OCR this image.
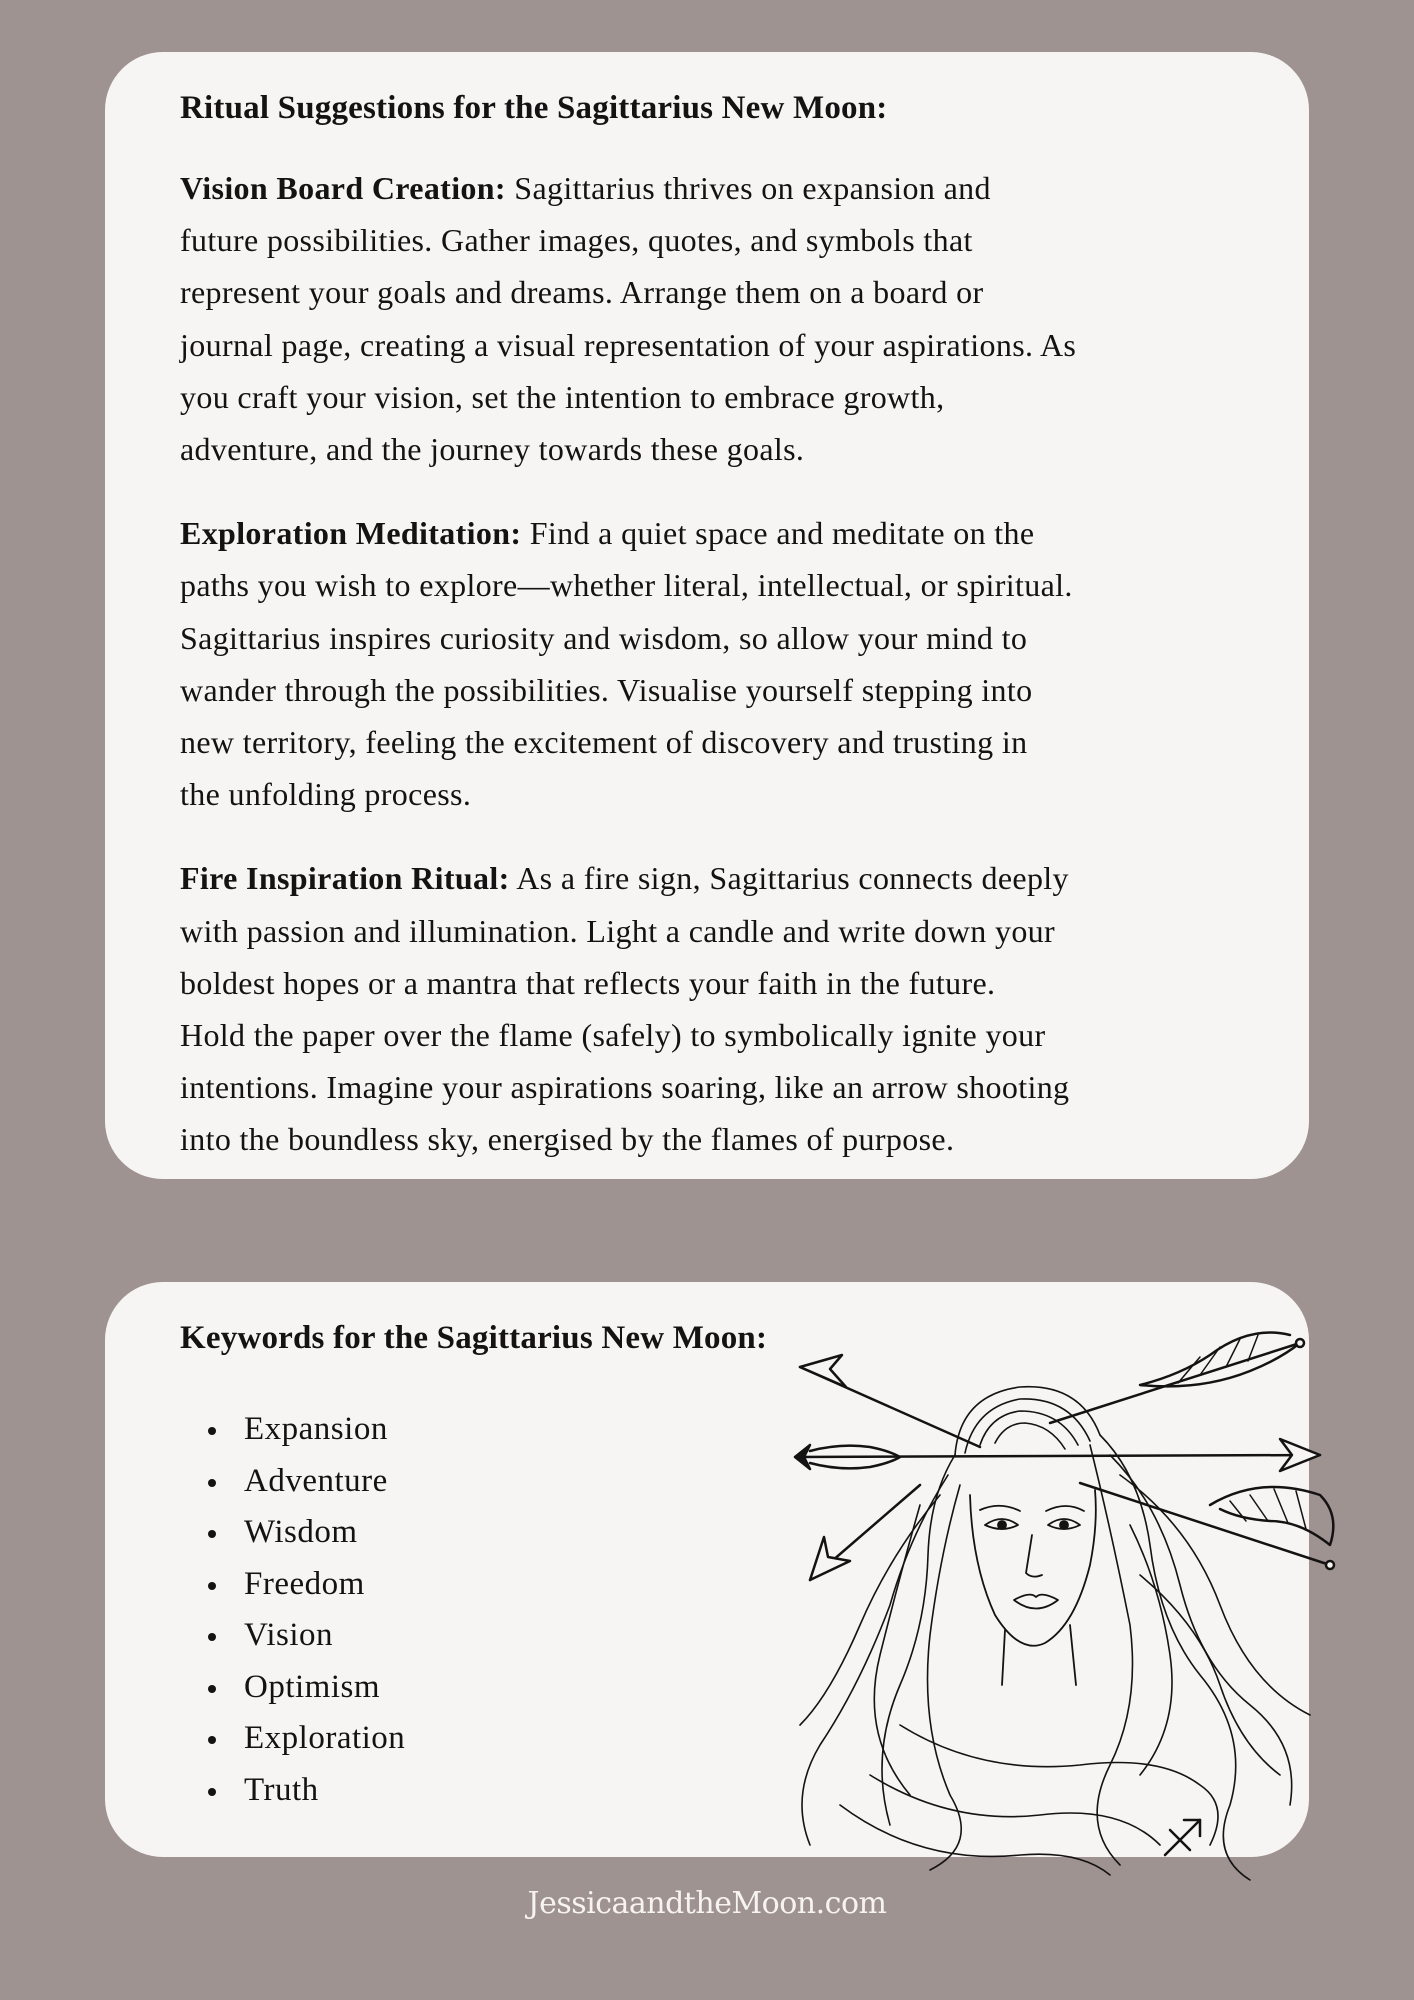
Ritual Suggestions for the Sagittarius New Moon:

Vision Board Creation: Sagittarius thrives on expansion and
future possibilities. Gather images, quotes, and symbols that
represent your goals and dreams. Arrange them on a board or
journal page, creating a visual representation of your aspirations. As
you craft your vision, set the intention to embrace growth,
adventure, and the journey towards these goals.

Exploration Meditation: Find a quiet space and meditate on the
paths you wish to explore—whether literal, intellectual, or spiritual.
Sagittarius inspires curiosity and wisdom, so allow your mind to
wander through the possibilities. Visualise yourself stepping into
new territory, feeling the excitement of discovery and trusting in
the unfolding process.

Fire Inspiration Ritual: As a fire sign, Sagittarius connects deeply
with passion and illumination. Light a candle and write down your
boldest hopes or a mantra that reflects your faith in the future.
Hold the paper over the flame (safely) to symbolically ignite your
intentions. Imagine your aspirations soaring, like an arrow shooting
into the boundless sky, energised by the flames of purpose.

Keywords for the Sagittarius New Moon:
Expansion
Adventure
Wisdom
Freedom
Vision
Optimism
Exploration
Truth
JessicaandtheMoon.com
